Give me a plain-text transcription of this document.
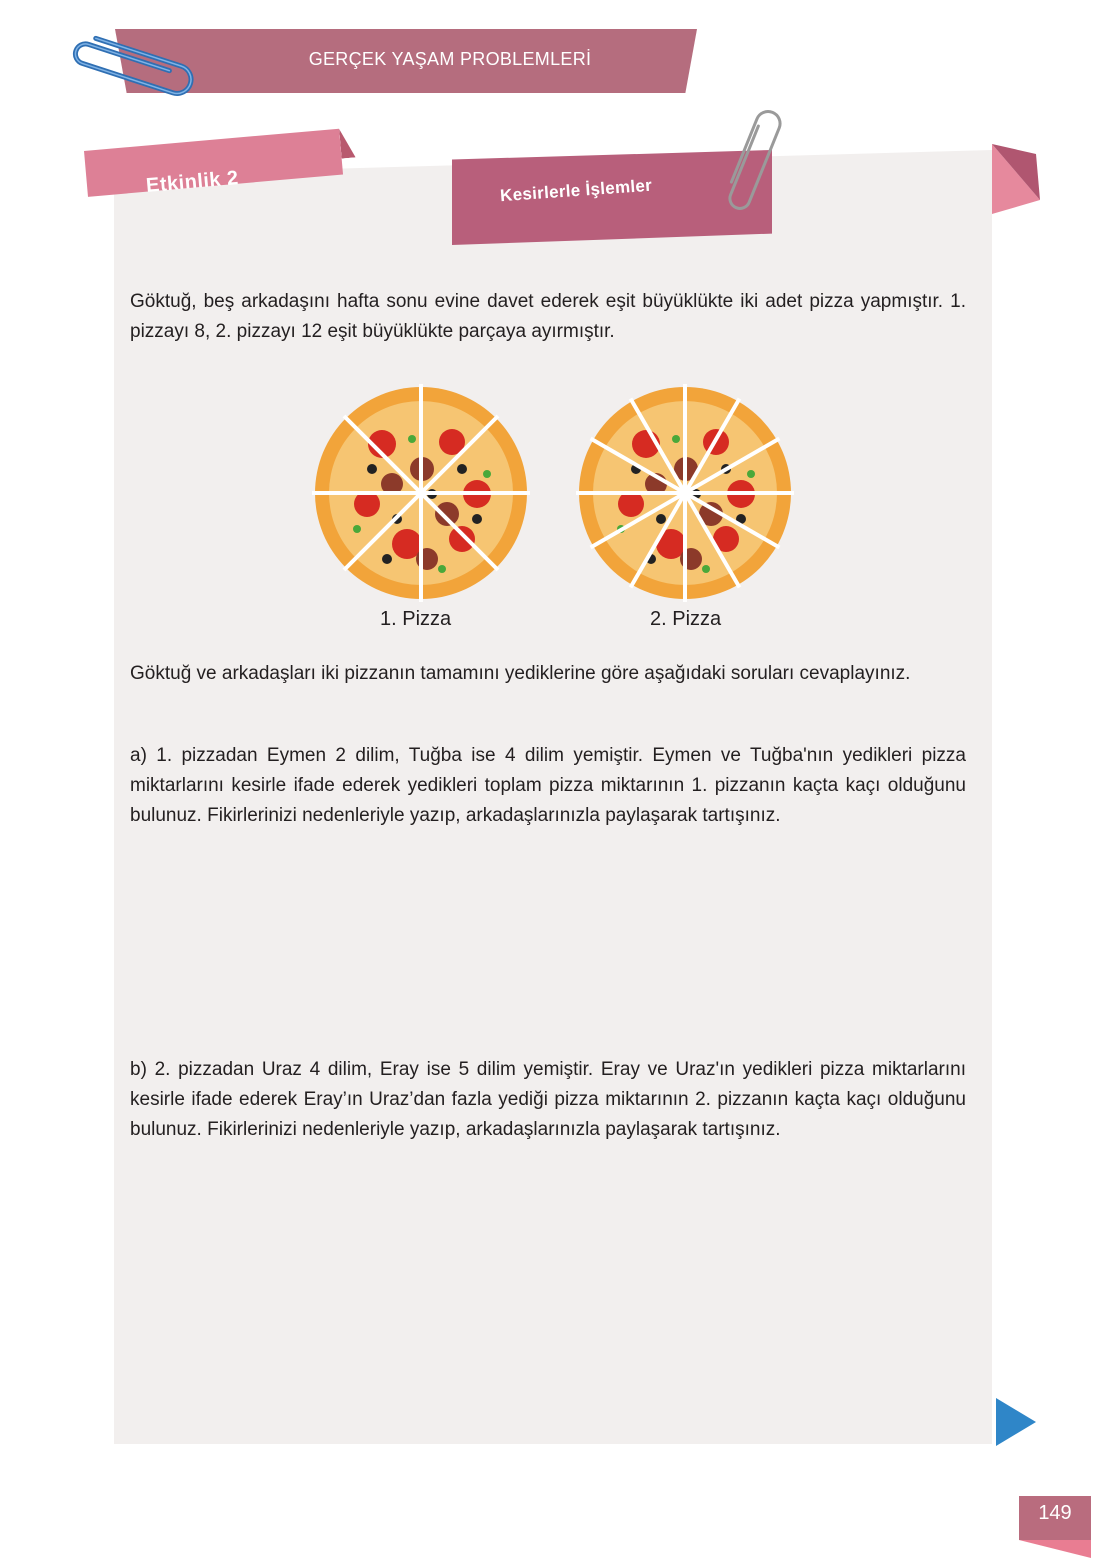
GERÇEK YAŞAM PROBLEMLERİ
Etkinlik 2	Kesirlerle İşlemler
Göktuğ, beş arkadaşını hafta sonu evine davet ederek eşit büyüklükte iki adet pizza yapmıştır. 1. pizzayı 8, 2. pizzayı 12 eşit büyüklükte parçaya ayırmıştır.
1. Pizza	2. Pizza
Göktuğ ve arkadaşları iki pizzanın tamamını yediklerine göre aşağıdaki soruları cevaplayınız.
a) 1. pizzadan Eymen 2 dilim, Tuğba ise 4 dilim yemiştir. Eymen ve Tuğba'nın yedikleri pizza miktarlarını kesirle ifade ederek yedikleri toplam pizza miktarının 1. pizzanın kaçta kaçı olduğunu bulunuz. Fikirlerinizi nedenleriyle yazıp, arkadaşlarınızla paylaşarak tartışınız.
b) 2. pizzadan Uraz 4 dilim, Eray ise 5 dilim yemiştir. Eray ve Uraz'ın yedikleri pizza miktarlarını kesirle ifade ederek Eray’ın Uraz’dan fazla yediği pizza miktarının 2. pizzanın kaçta kaçı olduğunu bulunuz. Fikirlerinizi nedenleriyle yazıp, arkadaşlarınızla paylaşarak tartışınız.
149
